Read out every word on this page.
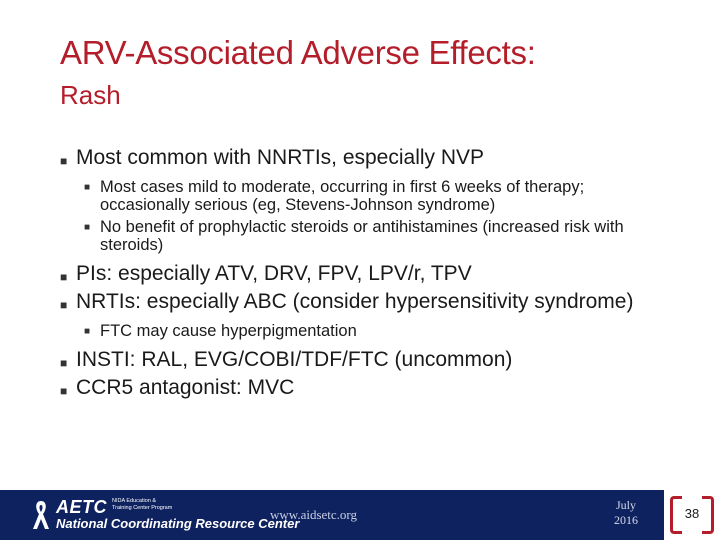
ARV-Associated Adverse Effects:
Rash
■ Most common with NNRTIs, especially NVP
■ Most cases mild to moderate, occurring in first 6 weeks of therapy; occasionally serious (eg, Stevens-Johnson syndrome)
■ No benefit of prophylactic steroids or antihistamines (increased risk with steroids)
■ PIs: especially ATV, DRV, FPV, LPV/r, TPV
■ NRTIs: especially ABC (consider hypersensitivity syndrome)
■ FTC may cause hyperpigmentation
■ INSTI: RAL, EVG/COBI/TDF/FTC (uncommon)
■ CCR5 antagonist: MVC
AETC NIDA Education &
Training Center Program
National Coordinating Resource Center
www.aidsetc.org
July
2016	38
